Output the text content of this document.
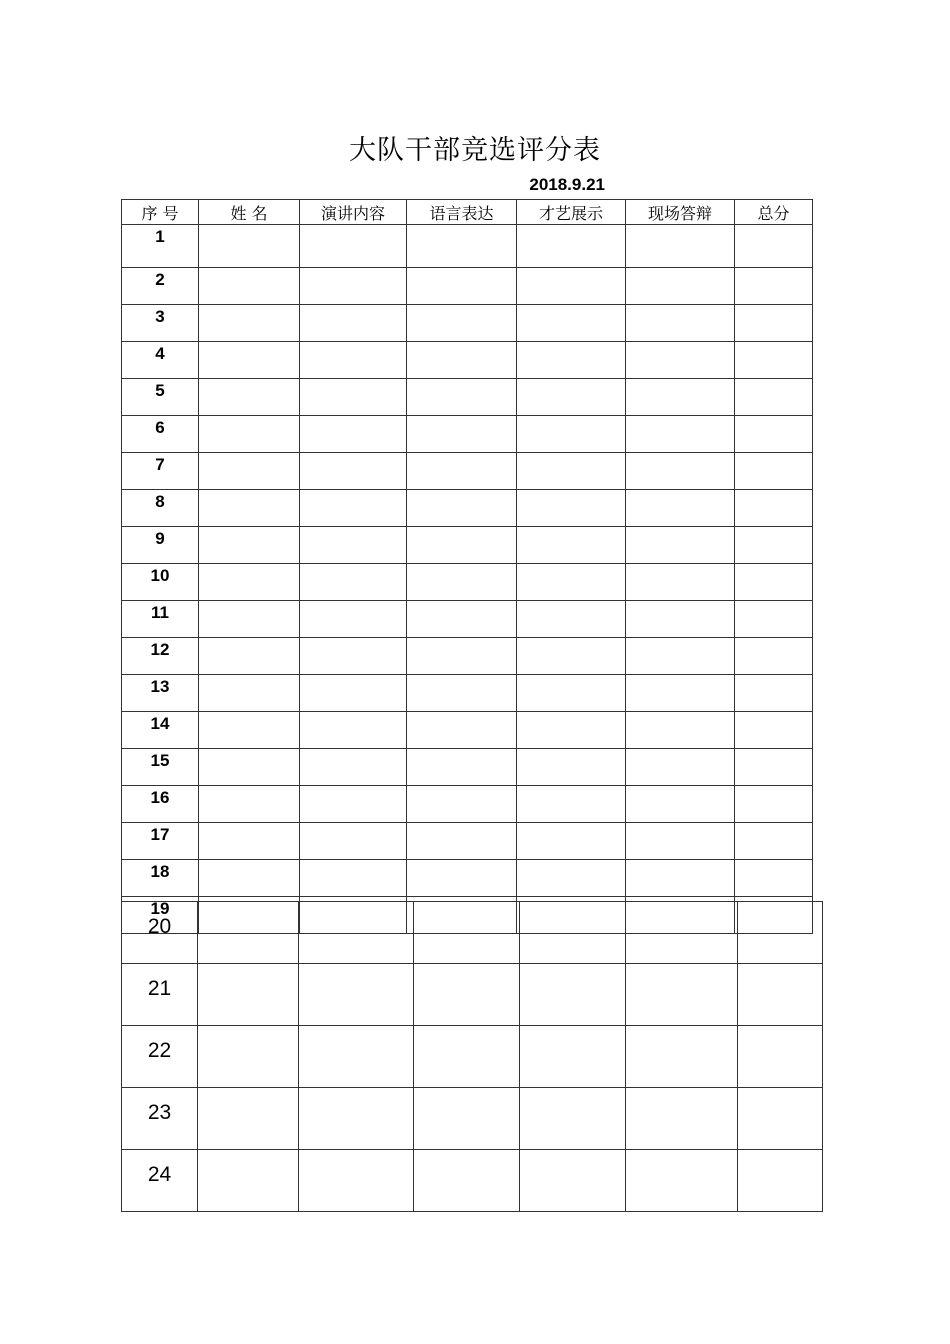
大队干部竞选评分表
2018.9.21
序 号	姓 名	演讲内容	语言表达	才艺展示	现场答辩	总分
1						
2						
3						
4						
5						
6						
7						
8						
9						
10						
11						
12						
13						
14						
15						
16						
17						
18						
19						
20						
21						
22						
23						
24						
